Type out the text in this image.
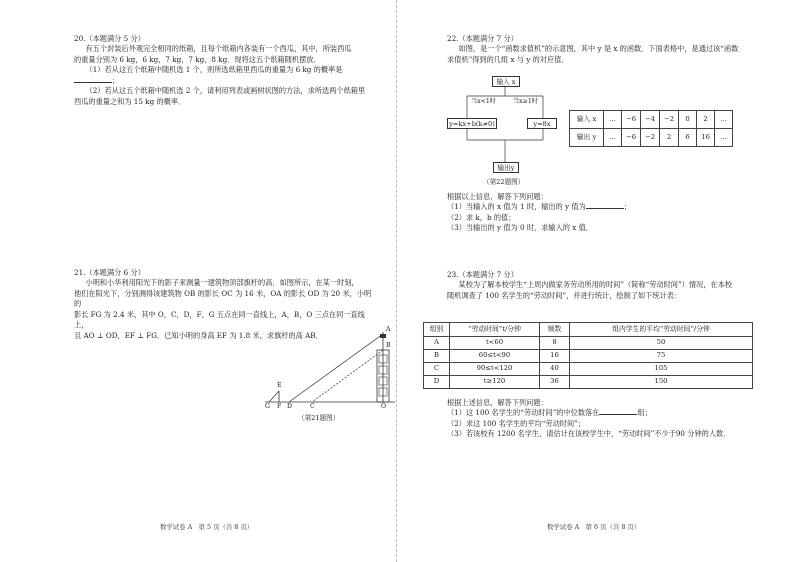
20.（本题满分 5 分）

有五个封装后外观完全相同的纸箱，且每个纸箱内各装有一个西瓜，其中，所装西瓜

的重量分别为 6 kg，6 kg，7 kg，7 kg，8 kg．现将这五个纸箱随机摆放．

（1）若从这五个纸箱中随机选 1 个，则所选纸箱里西瓜的重量为 6 kg 的概率是；

（2）若从这五个纸箱中随机选 2 个，请利用列表或画树状图的方法，求所选两个纸箱里

西瓜的重量之和为 15 kg 的概率．

21.（本题满分 6 分）

小明和小华利用阳光下的影子来测量一建筑物顶部旗杆的高．如图所示，在某一时刻，

他们在阳光下，分别测得该建筑物 OB 的影长 OC 为 16 米，OA 的影长 OD 为 20 米，小明的

影长 FG 为 2.4 米，其中 O，C，D，F，G 五点在同一直线上，A，B，O 三点在同一直线上，

且 AO ⊥ OD，EF ⊥ FG．已知小明的身高 EF 为 1.8 米，求旗杆的高 AB．

A
B
E
G F D	C	O
（第21题图）
数学试卷 A　第 5 页（共 8 页）

22.（本题满分 7 分）

如图，是一个“函数求值机”的示意图，其中 y 是 x 的函数．下面表格中，是通过该“函数

求值机”得到的几组 x 与 y 的对应值．

输入 x
当x<1时	当x≥1时
y=kx+b(k≠0)	y=8x
输出y
（第22题图）
输入 x	…	−6	−4	−2	0	2	…
输出 y	…	−6	−2	2	6	16	…

根据以上信息，解答下列问题：

（1）当输入的 x 值为 1 时，输出的 y 值为	；

（2）求 k，b 的值；

（3）当输出的 y 值为 0 时，求输入的 x 值．

23.（本题满分 7 分）

某校为了解本校学生“上周内做家务劳动所用的时间”（简称“劳动时间”）情况，在本校

随机调查了 100 名学生的“劳动时间”，并进行统计，绘制了如下统计表：

组别	“劳动时间”t/分钟	频数	组内学生的平均“劳动时间”/分钟
A	t<60	8	50
B	60≤t<90	16	75
C	90≤t<120	40	105
D	t≥120	36	150

根据上述信息，解答下列问题：

（1）这 100 名学生的“劳动时间”的中位数落在	组；

（2）求这 100 名学生的平均“劳动时间”；

（3）若该校有 1200 名学生，请估计在该校学生中，“劳动时间”不少于90 分钟的人数．

数学试卷 A　第 6 页（共 8 页）
